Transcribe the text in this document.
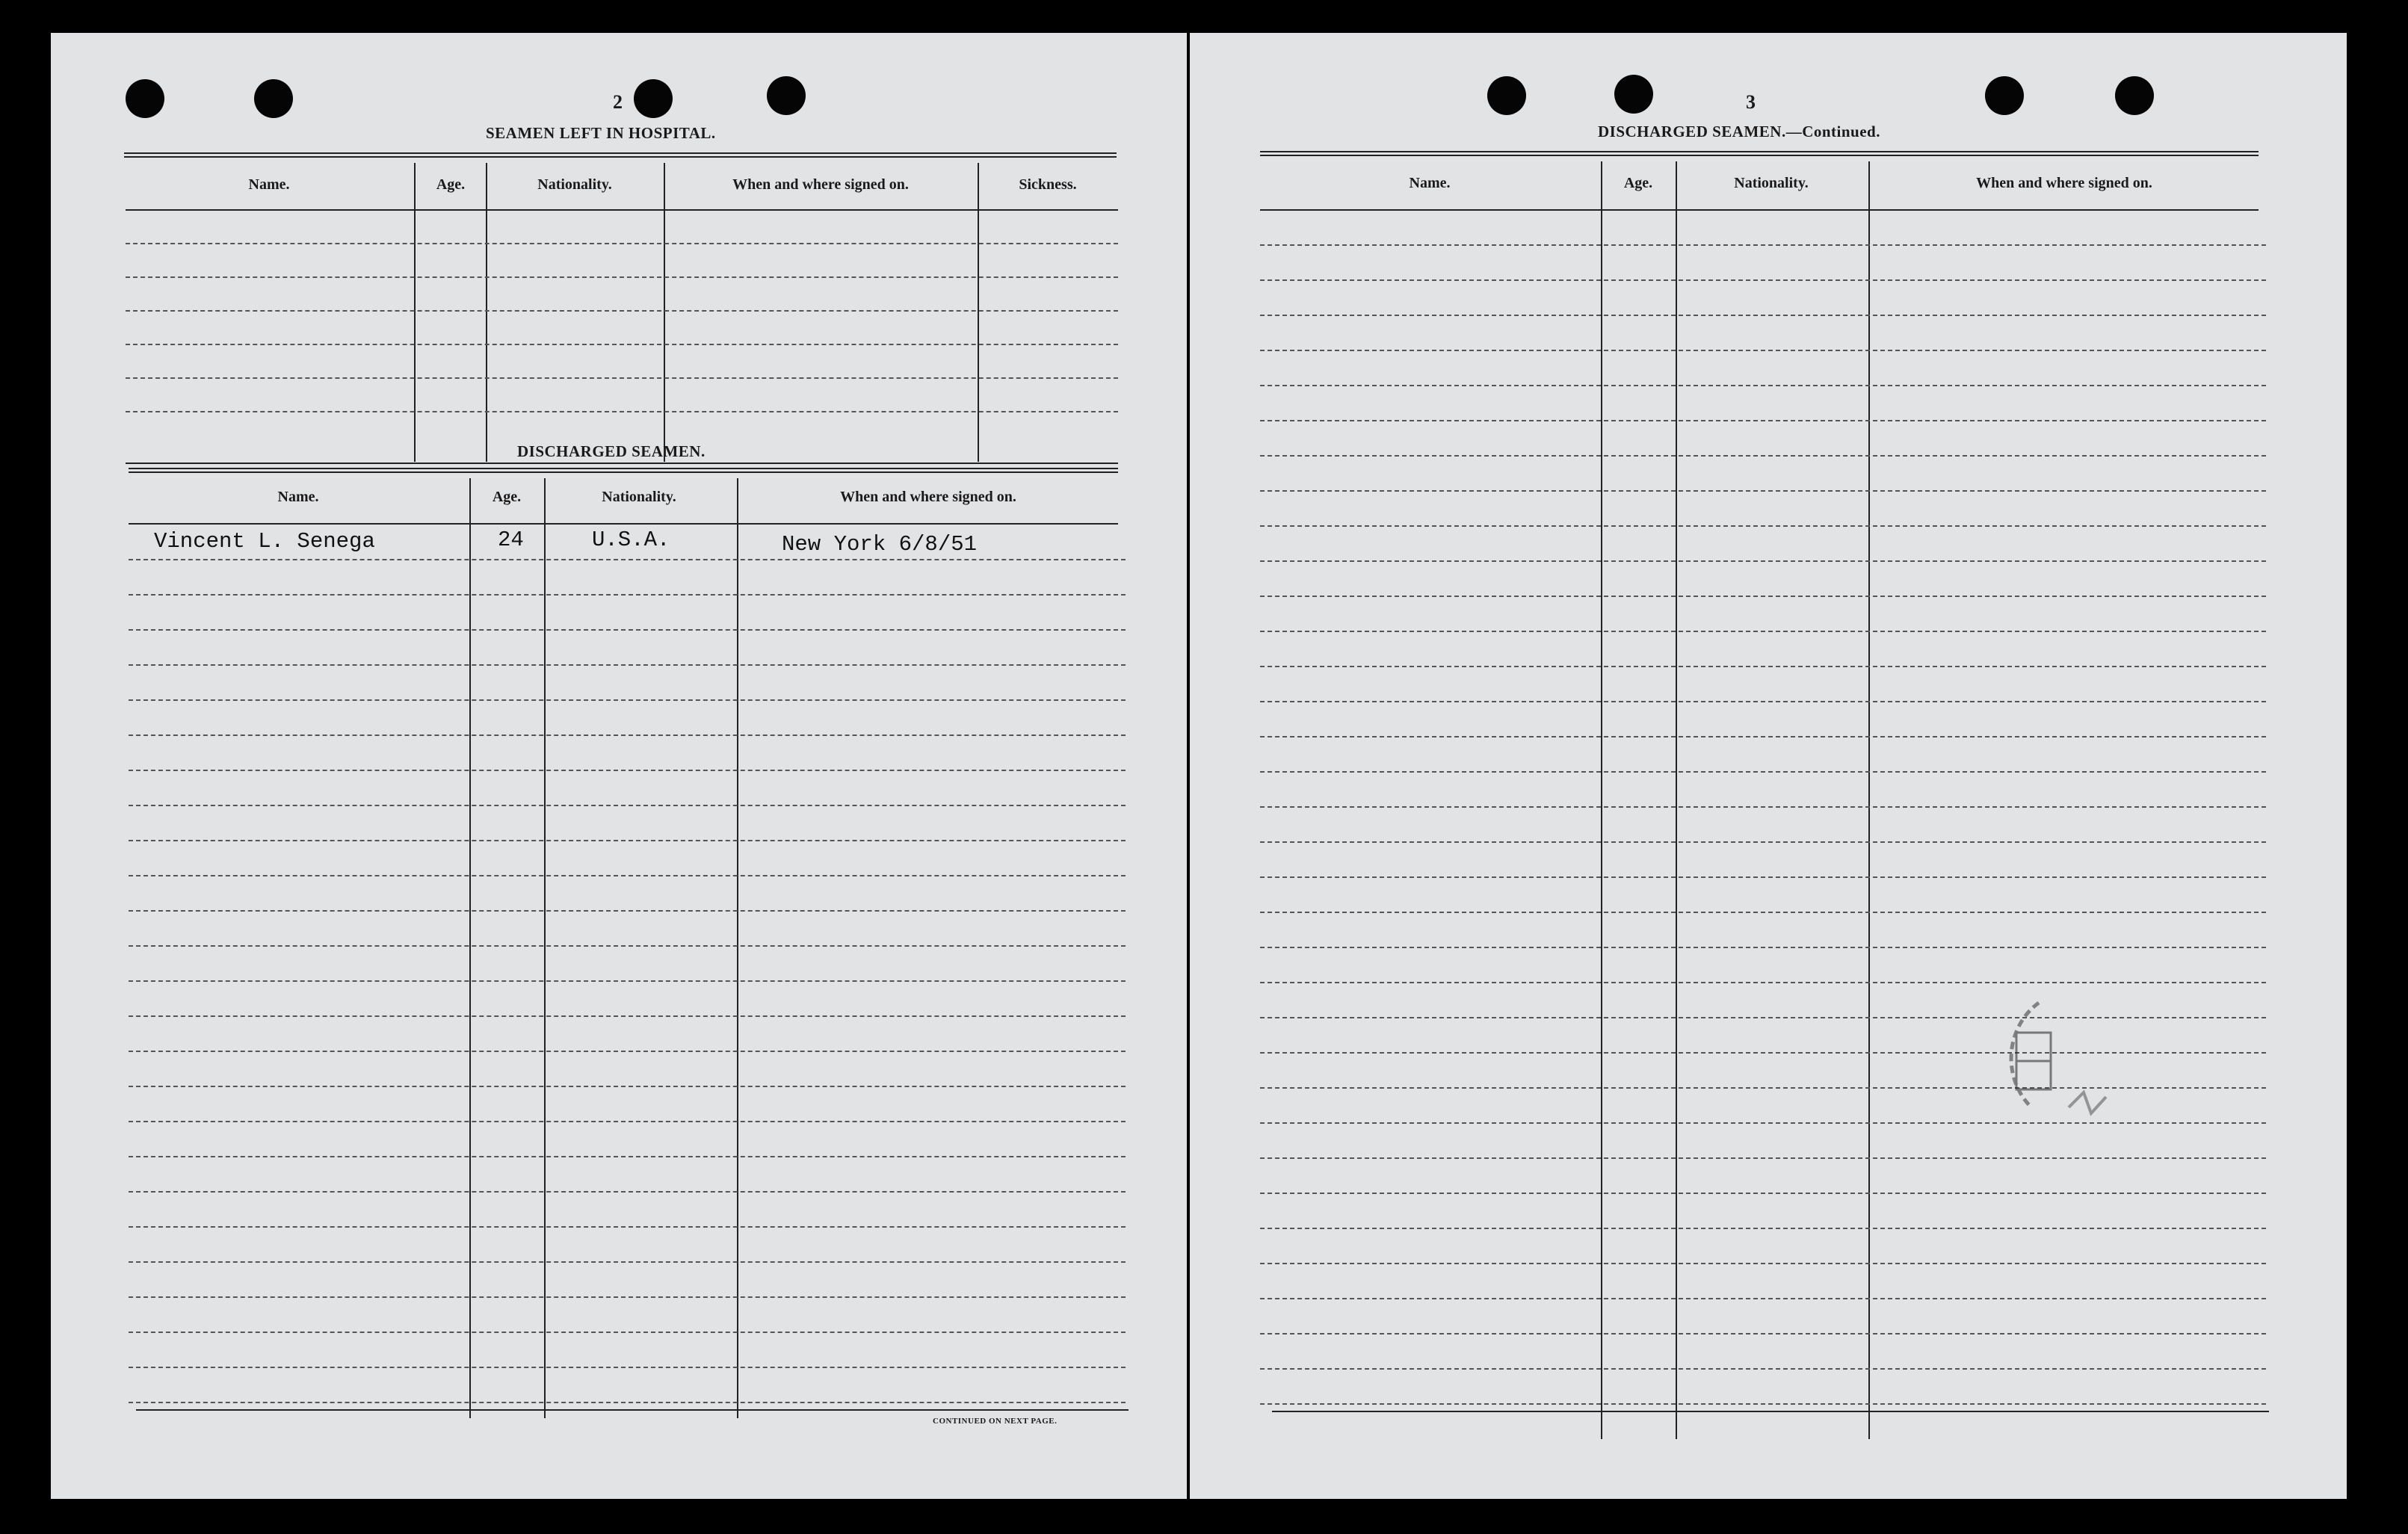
2
SEAMEN LEFT IN HOSPITAL.
Name.	Age.	Nationality.	When and where signed on.	Sickness.
DISCHARGED SEAMEN.
Name.	Age.	Nationality.	When and where signed on.
Vincent L. Senega	24	U.S.A.	New York 6/8/51
CONTINUED ON NEXT PAGE.
3
DISCHARGED SEAMEN.—Continued.
Name.	Age.	Nationality.	When and where signed on.
